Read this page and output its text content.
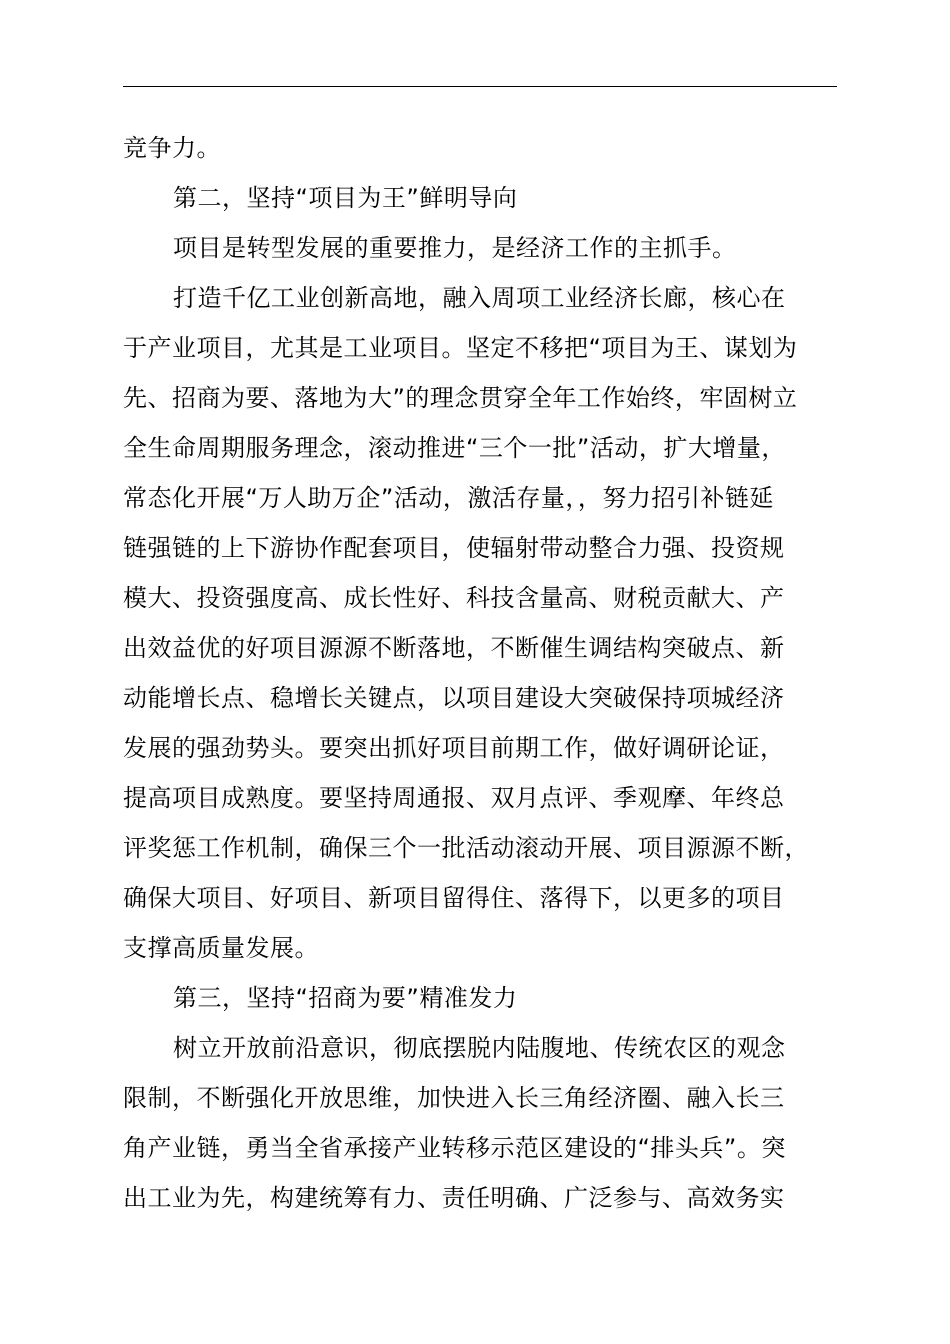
竞争力。
第二，坚持“项目为王”鲜明导向
项目是转型发展的重要推力，是经济工作的主抓手。
打造千亿工业创新高地，融入周项工业经济长廊，核心在
于产业项目，尤其是工业项目。坚定不移把“项目为王、谋划为
先、招商为要、落地为大”的理念贯穿全年工作始终，牢固树立
全生命周期服务理念，滚动推进“三个一批”活动，扩大增量，
常态化开展“万人助万企”活动，激活存量，，努力招引补链延
链强链的上下游协作配套项目，使辐射带动整合力强、投资规
模大、投资强度高、成长性好、科技含量高、财税贡献大、产
出效益优的好项目源源不断落地，不断催生调结构突破点、新
动能增长点、稳增长关键点，以项目建设大突破保持项城经济
发展的强劲势头。要突出抓好项目前期工作，做好调研论证，
提高项目成熟度。要坚持周通报、双月点评、季观摩、年终总
评奖惩工作机制，确保三个一批活动滚动开展、项目源源不断，
确保大项目、好项目、新项目留得住、落得下，以更多的项目
支撑高质量发展。
第三，坚持“招商为要”精准发力
树立开放前沿意识，彻底摆脱内陆腹地、传统农区的观念
限制，不断强化开放思维，加快进入长三角经济圈、融入长三
角产业链，勇当全省承接产业转移示范区建设的“排头兵”。突
出工业为先，构建统筹有力、责任明确、广泛参与、高效务实
